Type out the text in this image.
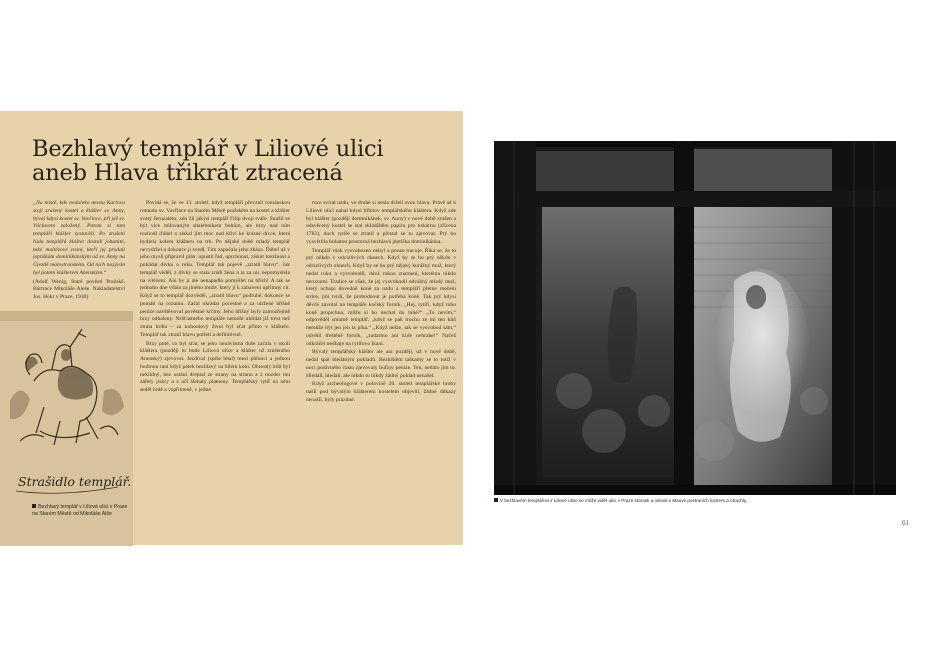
Bezhlavý templář v Liliové ulici
aneb Hlava třikrát ztracená

„Na místě, kde nedaleko mostu Karlova stojí zrušený kostel a klášter sv. Anny, býval kdysi kostel sv. Vavřince, při jež sv. Václavem založený. Potom si tam templáři klášter vystavěli. Po zrušení řádu templářů klášter dostali johanité, také maltézové zvaní, kteří jej prodali jeptiškám dominikánským od sv. Anny na Újezdě malostranském. Od nich nazýván byl potom klášterem Anenským.“

(Adolf Wenig, Staré pověsti Pražské. Bártrace Mikoláše Aleše. Nakladatelství Jos. Hokr v Praze, 1930)

Strašidlo templář.

Povídá se, že ve 13. století, když templáři převzali románskou rotundu sv. Vavřince na Starém Městě pražském na kostel a klášter svatý Jeruzalém, zdo žil jakýsi templář Filip dvojí tváře. Snažil se být více milovaným shalebnikem bohům, ale brzy nad ním rozhodl ďábel a získal jím moc nad křiví ke krásné dívce, která bydlela kolem klášteru na trh. Po nějaké době mladý templář nevydržel a dokonce ji svedl. Tím započala jeho zkáza. Ďábel už v jeho mysli připravil plán: opustit řád, uprchnout, získat totožnost a pohádat dívku o ruku. Templář tak pojevě „ztratil hlavu“. Jak templář věděl, z dívky se stala zrádí žena a ta za nic nepomyslela na vítězení. Ani by jí ale nenapadlo pomýšlet na hřích! A tak se jednoho dne vdala za jiného muže, který jí k zabavení upřímný cit. Když se to templář dozvěděl, „ztratil hlavu“ podruhé, dokonce se pomátl na rozumu. Začal okrádat pocestné a za utržené hříšné peníze navštěvoval pověstné krčmy. Jeho hříšný byly zamozřejmě brzy odhaleny. Nešťastného templáře nemohl uhlídat již trest než ztráta hrdla – za kohoutový život byl sťat přímo v klášteře. Templář tak ztratil hlavu potřetí a definitivně.

Brzy poté, co byl sťat, se jeho nenávistná duše začala v okolí kláštera (později to bude Liliová ulice a klášter už zrušeného Anenský) zjevovat. Jezdíval (spíše létal) mezi půlnocí a jednou hodinou raní když pátek bezhlavý na bílém koni. Obrostlý kůň byl neklidný, bez ustání dreptal ze strany na stranu a z nozder mu zářely jiskry a z očí šlehaly plameny. Templářský rytíř na něm seděl hrdě a vzpřímeně, v jedné

ruce svíral uzdu, ve druhé si nesla drželi svou hlavu. Právě až k Liliové ulici nahal kdysi hřbitov templářského kláštera. Když zde byl klášter (později dominikánek, sv. Anny) v nové době zrušen a odsvěcený kostel se stal skladištěm papíru pro tiskárnu (zřícena 1782), duch rytíře se ztratil a přestal se tu zjevovat. Prý ho vysvětlila bohatou prostorná bezhlavá jeptiška dominikánka.

Templář však vysvobozen nebyl a pouze tracuje. Říká se, že to prý někdo v odcizlivých oknech. Když by se ho prý někdo v odcizlivých oknech. Když by se ho prý nějaký kurážný muž, který nedal ruku a vysvobodil, dává rukou znamení, kterému nikdo nerozumí. Tradice se však, že jej vysvobodil odvážný mladý muž, který uchopí dovedně koně za uzdu a templáři přetne mečem srdce, jiní tvrdí, že probodnout je potřeba koně. Tak prý kdysi děvče zavolal na templáře kočský forník. „Hej, rytíři, když toho koně propíchnu, můžu si ho nechat do tuhé?“ „To nevím,“ odpověděl smutně templář, „když se pak trochu ze mi ten kůň nemůže být jen jen ta pika.“ „Když nelze, tak se vysvobod sám,“ odvětil třeštěně forník, „zadarmo ani kuře nehrabe!“ Načež odkráčel nedbaje na rytířovo lkaní.

Bývalý templářský klášter ale ani později, už v nové době, nedal spát bledaným pokladů. Bezkištěm taškamy se to totiž v noci podivného často zjevovaly bufiny peníze. Ten, nedalo jim to. Hledali, hledali, ale nikdo tu nikdy žádný poklad nenašel.

Když archeologové v polovině 20. století templářské hroby našli pod bývalým klášterem kostelem objevili, žádné důkazy nenašli, byly prázdné.

Bezhlavý templář v Liliové ulici v Praze na Starém Městě od Mikoláše Alše
V bezhlavém templářovi z Liliové ulice se může vidět ulici v Praze starosti a oslovit v Mauve postraních kosters a otrachly.
61
